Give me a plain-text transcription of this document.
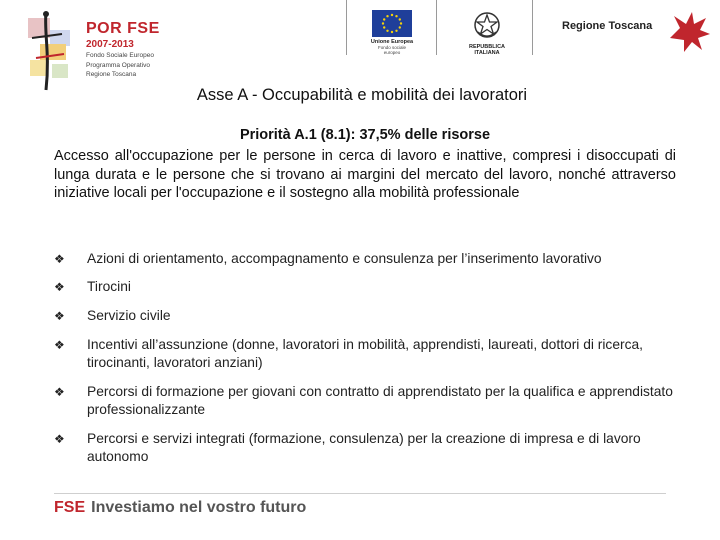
POR FSE
2007-2013
Fondo Sociale Europeo
Programma Operativo
Regione Toscana
Unione Europea
Fondo sociale europeo
REPUBBLICA ITALIANA
Regione Toscana
Asse A - Occupabilità e mobilità dei lavoratori
Priorità A.1 (8.1): 37,5% delle risorse
Accesso all'occupazione per le persone in cerca di lavoro e inattive, compresi i disoccupati di lunga durata e le persone che si trovano ai margini del mercato del lavoro, nonché attraverso iniziative locali per l'occupazione e il sostegno alla mobilità professionale
❖ Azioni di orientamento, accompagnamento e consulenza per l’inserimento lavorativo
❖ Tirocini
❖ Servizio civile
❖ Incentivi all’assunzione (donne, lavoratori in mobilità, apprendisti, laureati, dottori di ricerca, tirocinanti, lavoratori anziani)
❖ Percorsi di formazione per giovani con contratto di apprendistato per la qualifica e apprendistato professionalizzante
❖ Percorsi e servizi integrati (formazione, consulenza) per la creazione di impresa e di lavoro autonomo
FSE Investiamo nel vostro futuro
